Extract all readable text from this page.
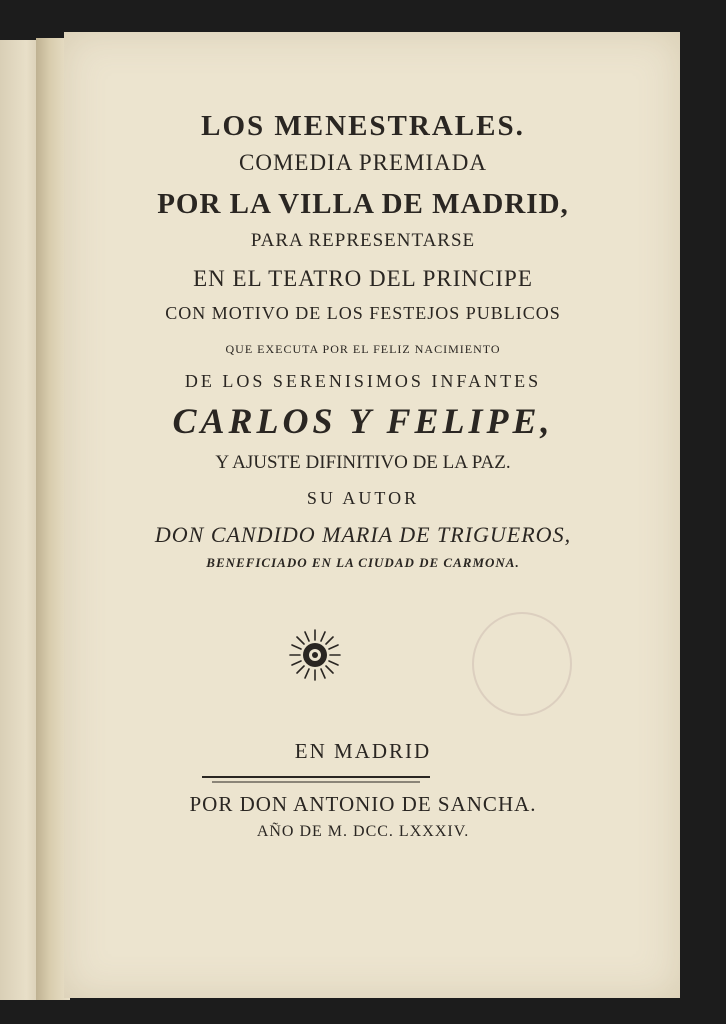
LOS MENESTRALES.
COMEDIA PREMIADA
POR LA VILLA DE MADRID,
PARA REPRESENTARSE
EN EL TEATRO DEL PRINCIPE
CON MOTIVO DE LOS FESTEJOS PUBLICOS
QUE EXECUTA POR EL FELIZ NACIMIENTO
DE LOS SERENISIMOS INFANTES
CARLOS Y FELIPE,
Y AJUSTE DIFINITIVO DE LA PAZ.
SU AUTOR
DON CANDIDO MARIA DE TRIGUEROS,
BENEFICIADO EN LA CIUDAD DE CARMONA.
EN MADRID
POR DON ANTONIO DE SANCHA.
AÑO DE M. DCC. LXXXIV.
